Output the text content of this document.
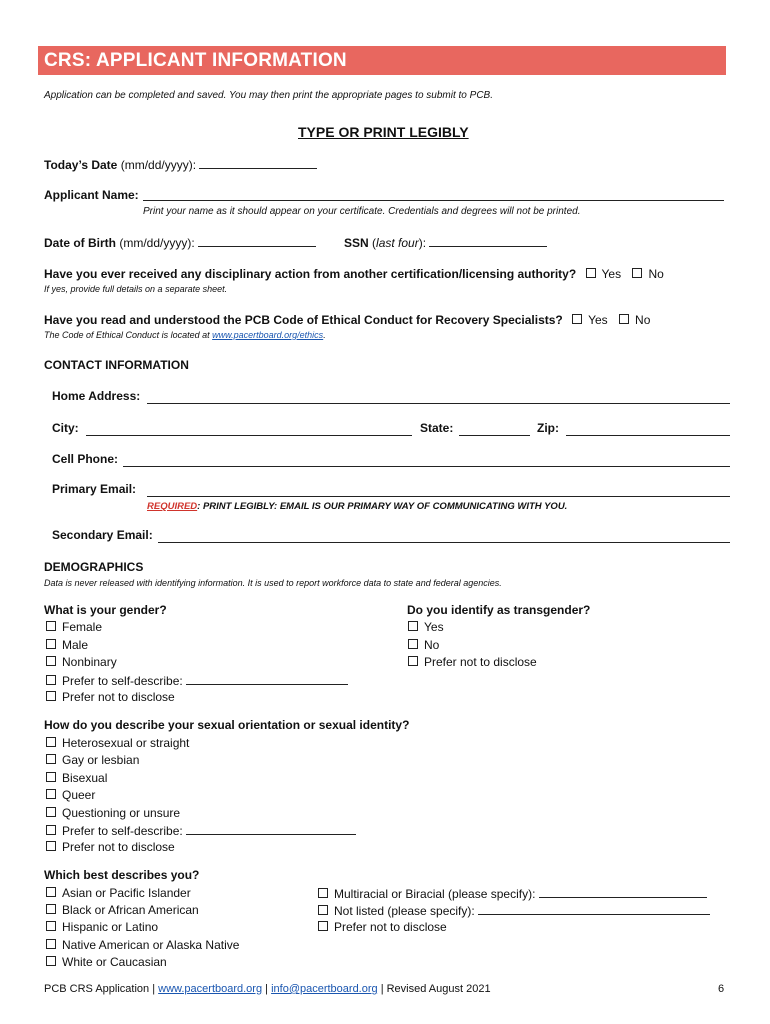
CRS: APPLICANT INFORMATION
Application can be completed and saved. You may then print the appropriate pages to submit to PCB.
TYPE OR PRINT LEGIBLY
Today’s Date (mm/dd/yyyy):
Applicant Name:
Print your name as it should appear on your certificate. Credentials and degrees will not be printed.
Date of Birth (mm/dd/yyyy):	SSN (last four):
Have you ever received any disciplinary action from another certification/licensing authority? Yes No
If yes, provide full details on a separate sheet.
Have you read and understood the PCB Code of Ethical Conduct for Recovery Specialists? Yes No
The Code of Ethical Conduct is located at www.pacertboard.org/ethics.
CONTACT INFORMATION
Home Address:
City:	State:	Zip:
Cell Phone:
Primary Email:
REQUIRED: PRINT LEGIBLY: EMAIL IS OUR PRIMARY WAY OF COMMUNICATING WITH YOU.
Secondary Email:
DEMOGRAPHICS
Data is never released with identifying information. It is used to report workforce data to state and federal agencies.
What is your gender?
Female
Male
Nonbinary
Prefer to self-describe:
Prefer not to disclose
Do you identify as transgender?
Yes
No
Prefer not to disclose
How do you describe your sexual orientation or sexual identity?
Heterosexual or straight
Gay or lesbian
Bisexual
Queer
Questioning or unsure
Prefer to self-describe:
Prefer not to disclose
Which best describes you?
Asian or Pacific Islander
Black or African American
Hispanic or Latino
Native American or Alaska Native
White or Caucasian
Multiracial or Biracial (please specify):
Not listed (please specify):
Prefer not to disclose
PCB CRS Application | www.pacertboard.org | info@pacertboard.org | Revised August 2021	6
